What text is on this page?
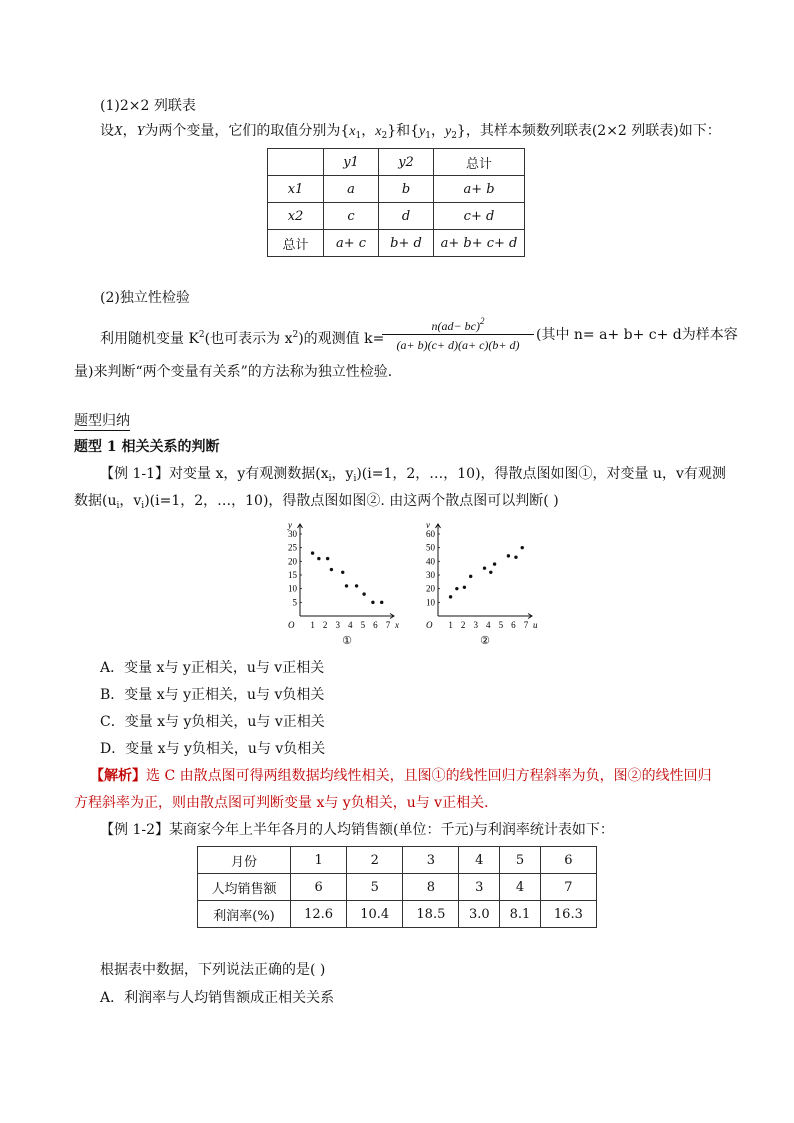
(1)2×2 列联表
设X，Y为两个变量，它们的取值分别为{$x_1$，$x_2$}和{$y_1$，$y_2$}，其样本频数列联表(2×2 列联表)如下：
	y1	y2	总计
x1	a	b	a+ b
x2	c	d	c+ d
总计	a+ c	b+ d	a+ b+ c+ d
(2)独立性检验
利用随机变量 $K^2$(也可表示为 $x^2$)的观测值 k=
n(ad− bc)$^2$
(a+ b)(c+ d)(a+ c)(b+ d)
(其中 n= a+ b+ c+ d为样本容
量)来判断“两个变量有关系”的方法称为独立性检验．
题型归纳
题型 1 相关关系的判断
【例 1-1】对变量 x，y有观测数据($x_i$，$y_i)(i=1$，2，…，10)，得散点图如图①，对变量 u，v有观测
数据($u_i$，$v_i)(i=1$，2，…，10)，得散点图如图②. 由这两个散点图可以判断( )
y
x
O 1 2 3 4 5 6 7
5
10
15
20
25
30
①
v
u
O 1 2 3 4 5 6 7
10
20
30
40
50
60
②
A．变量 x与 y正相关，u与 v正相关
B．变量 x与 y正相关，u与 v负相关
C．变量 x与 y负相关，u与 v正相关
D．变量 x与 y负相关，u与 v负相关
【解析】选 C 由散点图可得两组数据均线性相关，且图①的线性回归方程斜率为负，图②的线性回归
方程斜率为正，则由散点图可判断变量 x与 y负相关，u与 v正相关．
【例 1-2】某商家今年上半年各月的人均销售额(单位：千元)与利润率统计表如下：
月份	1	2	3	4	5	6
人均销售额	6	5	8	3	4	7
利润率(%)	12.6	10.4	18.5	3.0	8.1	16.3
根据表中数据，下列说法正确的是( )
A．利润率与人均销售额成正相关关系
